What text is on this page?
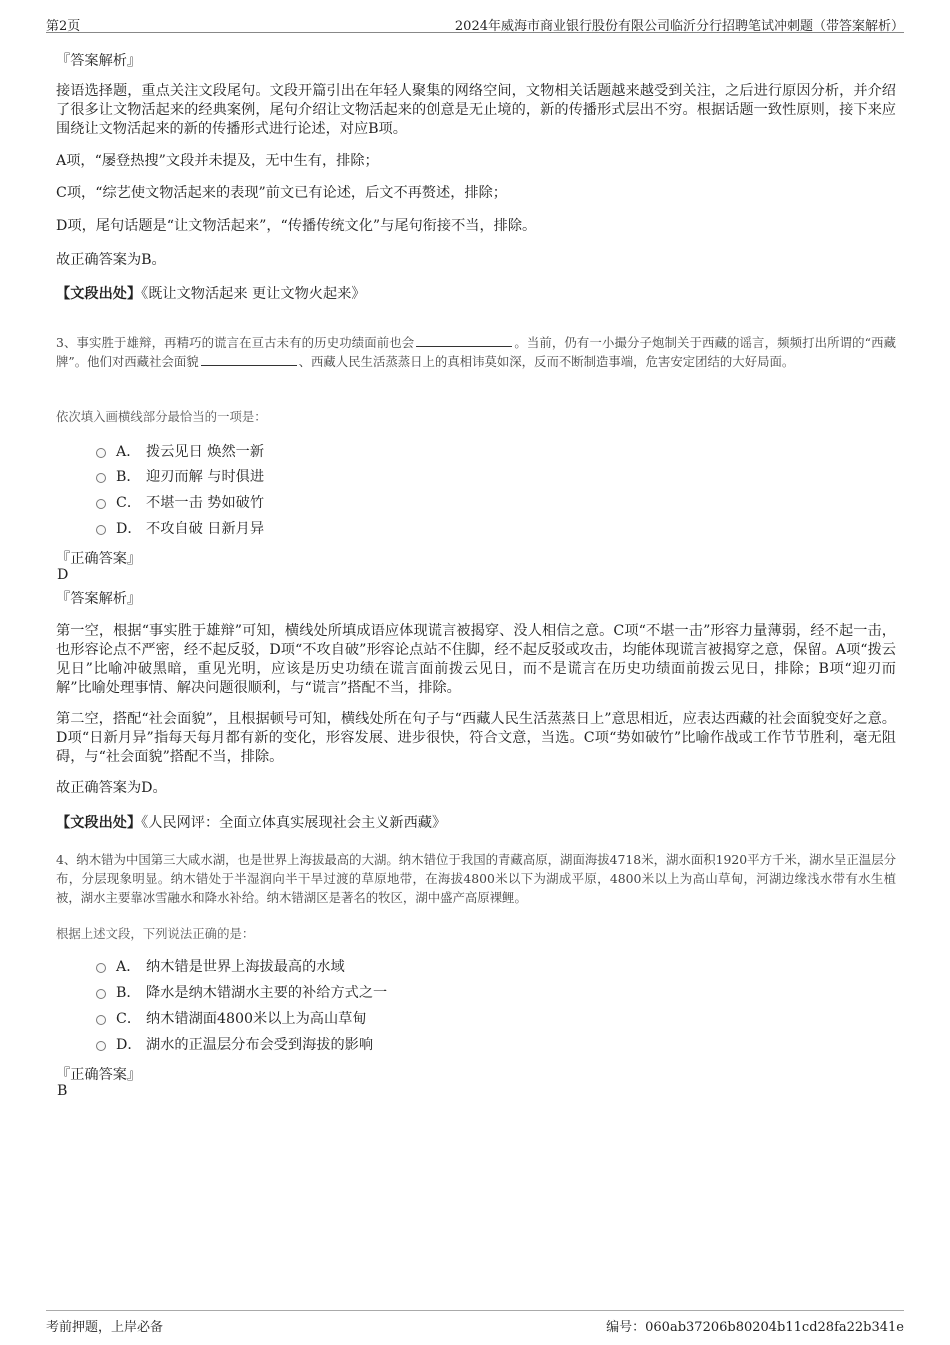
第2页	2024年威海市商业银行股份有限公司临沂分行招聘笔试冲刺题（带答案解析）
『答案解析』
接语选择题，重点关注文段尾句。文段开篇引出在年轻人聚集的网络空间，文物相关话题越来越受到关注，之后进行原因分析，并介绍了很多让文物活起来的经典案例，尾句介绍让文物活起来的创意是无止境的，新的传播形式层出不穷。根据话题一致性原则，接下来应围绕让文物活起来的新的传播形式进行论述，对应B项。
A项，“屡登热搜”文段并未提及，无中生有，排除；
C项，“综艺使文物活起来的表现”前文已有论述，后文不再赘述，排除；
D项，尾句话题是“让文物活起来”，“传播传统文化”与尾句衔接不当，排除。
故正确答案为B。
【文段出处】《既让文物活起来 更让文物火起来》
3、事实胜于雄辩，再精巧的谎言在亘古未有的历史功绩面前也会	。当前，仍有一小撮分子炮制关于西藏的谣言，频频打出所谓的“西藏牌”。他们对西藏社会面貌	、西藏人民生活蒸蒸日上的真相讳莫如深，反而不断制造事端，危害安定团结的大好局面。
依次填入画横线部分最恰当的一项是：
A． 拨云见日 焕然一新
B． 迎刃而解 与时俱进
C． 不堪一击 势如破竹
D． 不攻自破 日新月异
『正确答案』
D
『答案解析』
第一空，根据“事实胜于雄辩”可知，横线处所填成语应体现谎言被揭穿、没人相信之意。C项“不堪一击”形容力量薄弱，经不起一击，也形容论点不严密，经不起反驳，D项“不攻自破”形容论点站不住脚，经不起反驳或攻击，均能体现谎言被揭穿之意，保留。A项“拨云见日”比喻冲破黑暗，重见光明，应该是历史功绩在谎言面前拨云见日，而不是谎言在历史功绩面前拨云见日，排除；B项“迎刃而解”比喻处理事情、解决问题很顺利，与“谎言”搭配不当，排除。
第二空，搭配“社会面貌”，且根据顿号可知，横线处所在句子与“西藏人民生活蒸蒸日上”意思相近，应表达西藏的社会面貌变好之意。D项“日新月异”指每天每月都有新的变化，形容发展、进步很快，符合文意，当选。C项“势如破竹”比喻作战或工作节节胜利，毫无阻碍，与“社会面貌”搭配不当，排除。
故正确答案为D。
【文段出处】《人民网评：全面立体真实展现社会主义新西藏》
4、纳木错为中国第三大咸水湖，也是世界上海拔最高的大湖。纳木错位于我国的青藏高原，湖面海拔4718米，湖水面积1920平方千米，湖水呈正温层分布，分层现象明显。纳木错处于半湿润向半干旱过渡的草原地带，在海拔4800米以下为湖成平原，4800米以上为高山草甸，河湖边缘浅水带有水生植被，湖水主要靠冰雪融水和降水补给。纳木错湖区是著名的牧区，湖中盛产高原裸鲤。
根据上述文段，下列说法正确的是：
A． 纳木错是世界上海拔最高的水域
B． 降水是纳木错湖水主要的补给方式之一
C． 纳木错湖面4800米以上为高山草甸
D． 湖水的正温层分布会受到海拔的影响
『正确答案』
B
考前押题，上岸必备	编号：060ab37206b80204b11cd28fa22b341e
